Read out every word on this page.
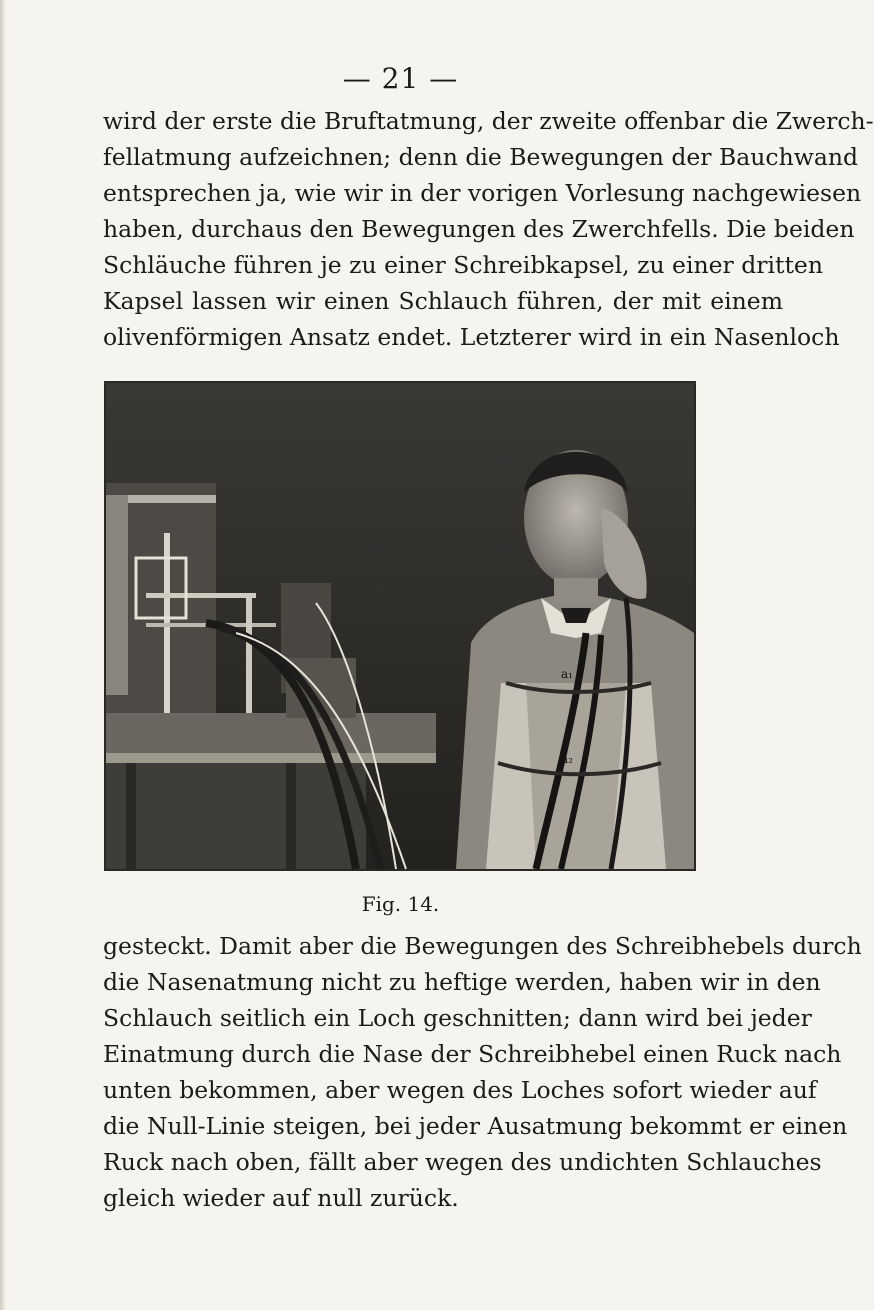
— 21 —
wird der erste die Bruftatmung, der zweite offenbar die Zwerch-
fellatmung aufzeichnen; denn die Bewegungen der Bauchwand
entsprechen ja, wie wir in der vorigen Vorlesung nachgewiesen
haben, durchaus den Bewegungen des Zwerchfells. Die beiden
Schläuche führen je zu einer Schreibkapsel, zu einer dritten
Kapsel lassen wir einen Schlauch führen, der mit einem
olivenförmigen Ansatz endet. Letzterer wird in ein Nasenloch
a₁
a₂
Fig. 14.
gesteckt. Damit aber die Bewegungen des Schreibhebels durch
die Nasenatmung nicht zu heftige werden, haben wir in den
Schlauch seitlich ein Loch geschnitten; dann wird bei jeder
Einatmung durch die Nase der Schreibhebel einen Ruck nach
unten bekommen, aber wegen des Loches sofort wieder auf
die Null-Linie steigen, bei jeder Ausatmung bekommt er einen
Ruck nach oben, fällt aber wegen des undichten Schlauches
gleich wieder auf null zurück.
